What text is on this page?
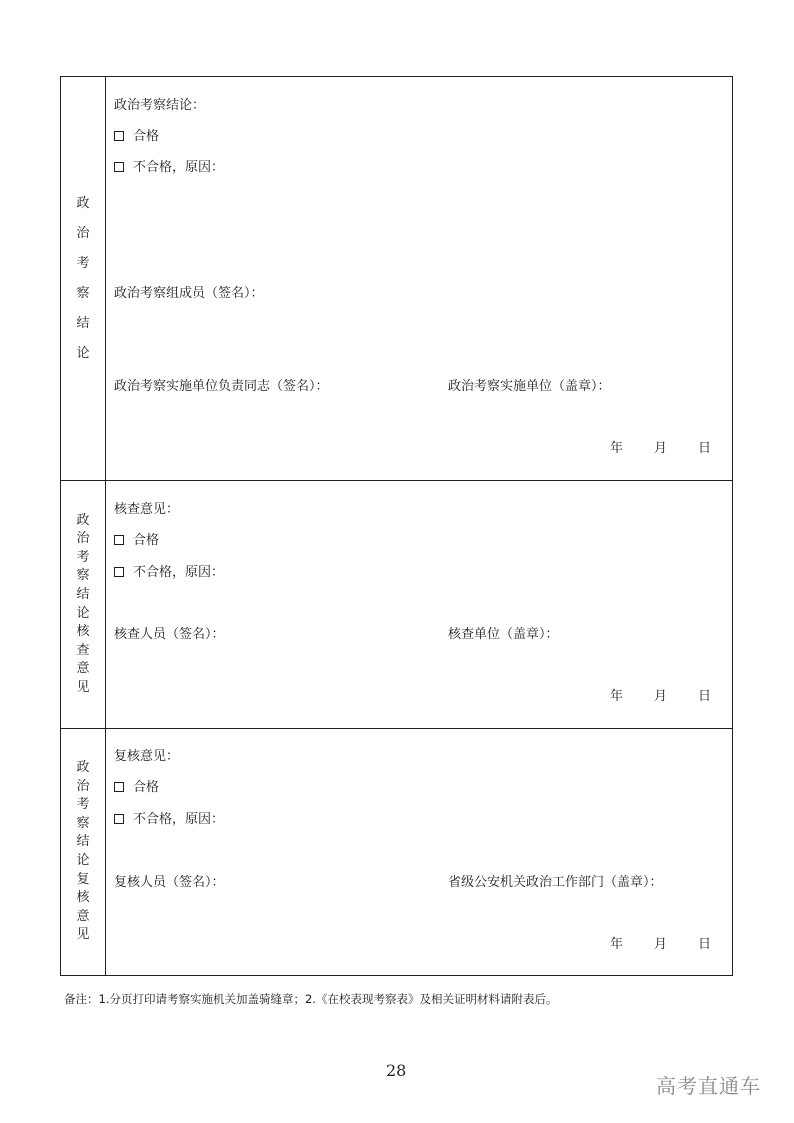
政
治
考
察
结
论
政治考察结论：
合格
不合格，原因：
政治考察组成员（签名）：
政治考察实施单位负责同志（签名）：	政治考察实施单位（盖章）：
年 月 日
政
治
考
察
结
论
核
查
意
见
核查意见：
合格
不合格，原因：
核查人员（签名）：	核查单位（盖章）：
年 月 日
政
治
考
察
结
论
复
核
意
见
复核意见：
合格
不合格，原因：
复核人员（签名）：	省级公安机关政治工作部门（盖章）：
年 月 日
备注：1.分页打印请考察实施机关加盖骑缝章；2.《在校表现考察表》及相关证明材料请附表后。
28
高考直通车
